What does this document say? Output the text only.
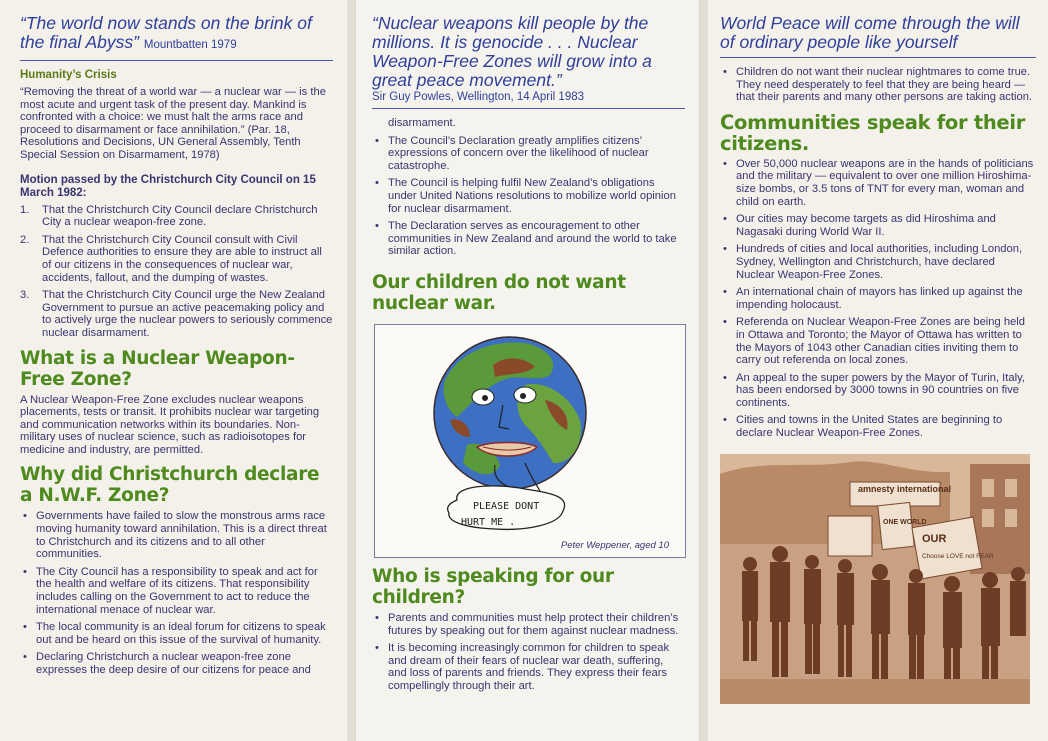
“The world now stands on the brink of the final Abyss” Mountbatten 1979

Humanity’s Crisis

“Removing the threat of a world war — a nuclear war — is the most acute and urgent task of the present day. Mankind is confronted with a choice: we must halt the arms race and proceed to disarmament or face annihilation.” (Par. 18, Resolutions and Decisions, UN General Assembly, Tenth Special Session on Disarmament, 1978)

Motion passed by the Christchurch City Council on 15 March 1982:
1. That the Christchurch City Council declare Christchurch City a nuclear weapon-free zone.
2. That the Christchurch City Council consult with Civil Defence authorities to ensure they are able to instruct all of our citizens in the consequences of nuclear war, accidents, fallout, and the dumping of wastes.
3. That the Christchurch City Council urge the New Zealand Government to pursue an active peacemaking policy and to actively urge the nuclear powers to seriously commence nuclear disarmament.
What is a Nuclear Weapon-Free Zone?

A Nuclear Weapon-Free Zone excludes nuclear weapons placements, tests or transit. It prohibits nuclear war targeting and communication networks within its boundaries. Non-military uses of nuclear science, such as radioisotopes for medicine and industry, are permitted.

Why did Christchurch declare a N.W.F. Zone?
• Governments have failed to slow the monstrous arms race moving humanity toward annihilation. This is a direct threat to Christchurch and its citizens and to all other communities.
• The City Council has a responsibility to speak and act for the health and welfare of its citizens. That responsibility includes calling on the Government to act to reduce the international menace of nuclear war.
• The local community is an ideal forum for citizens to speak out and be heard on this issue of the survival of humanity.
• Declaring Christchurch a nuclear weapon-free zone expresses the deep desire of our citizens for peace and

“Nuclear weapons kill people by the millions. It is genocide . . . Nuclear Weapon-Free Zones will grow into a great peace movement.”

Sir Guy Powles, Wellington, 14 April 1983
disarmament.
• The Council’s Declaration greatly amplifies citizens’ expressions of concern over the likelihood of nuclear catastrophe.
• The Council is helping fulfil New Zealand’s obligations under United Nations resolutions to mobilize world opinion for nuclear disarmament.
• The Declaration serves as encouragement to other communities in New Zealand and around the world to take similar action.
Our children do not want nuclear war.
PLEASE DONT
HURT ME .
Peter Weppener, aged 10
Who is speaking for our children?
• Parents and communities must help protect their children’s futures by speaking out for them against nuclear madness.
• It is becoming increasingly common for children to speak and dream of their fears of nuclear war death, suffering, and loss of parents and friends. They express their fears compellingly through their art.

World Peace will come through the will of ordinary people like yourself

• Children do not want their nuclear nightmares to come true. They need desperately to feel that they are being heard — that their parents and many other persons are taking action.
Communities speak for their citizens.
• Over 50,000 nuclear weapons are in the hands of politicians and the military — equivalent to over one million Hiroshima-size bombs, or 3.5 tons of TNT for every man, woman and child on earth.
• Our cities may become targets as did Hiroshima and Nagasaki during World War II.
• Hundreds of cities and local authorities, including London, Sydney, Wellington and Christchurch, have declared Nuclear Weapon-Free Zones.
• An international chain of mayors has linked up against the impending holocaust.
• Referenda on Nuclear Weapon-Free Zones are being held in Ottawa and Toronto; the Mayor of Ottawa has written to the Mayors of 1043 other Canadian cities inviting them to carry out referenda on local zones.
• An appeal to the super powers by the Mayor of Turin, Italy, has been endorsed by 3000 towns in 90 countries on five continents.
• Cities and towns in the United States are beginning to declare Nuclear Weapon-Free Zones.
amnesty international
ONE WORLD
OUR
Choose LOVE not FEAR
